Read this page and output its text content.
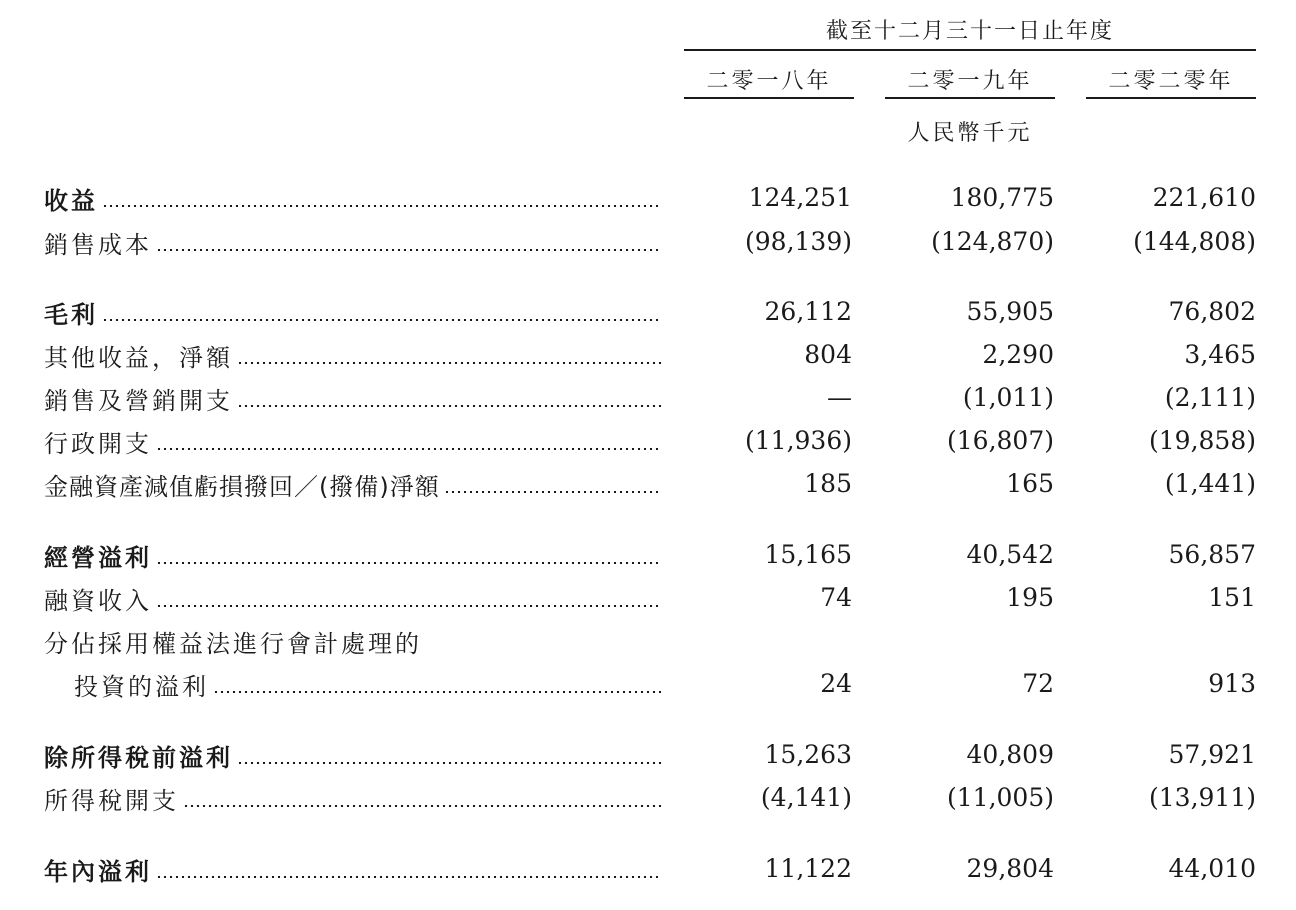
截至十二月三十一日止年度
二零一八年	二零一九年	二零二零年
人民幣千元
收益	124,251	180,775	221,610
銷售成本	(98,139)	(124,870)	(144,808)
毛利	26,112	55,905	76,802
其他收益，淨額	804	2,290	3,465
銷售及營銷開支	—	(1,011)	(2,111)
行政開支	(11,936)	(16,807)	(19,858)
金融資產減值虧損撥回／(撥備)淨額	185	165	(1,441)
經營溢利	15,165	40,542	56,857
融資收入	74	195	151
分佔採用權益法進行會計處理的
投資的溢利	24	72	913
除所得稅前溢利	15,263	40,809	57,921
所得稅開支	(4,141)	(11,005)	(13,911)
年內溢利	11,122	29,804	44,010
